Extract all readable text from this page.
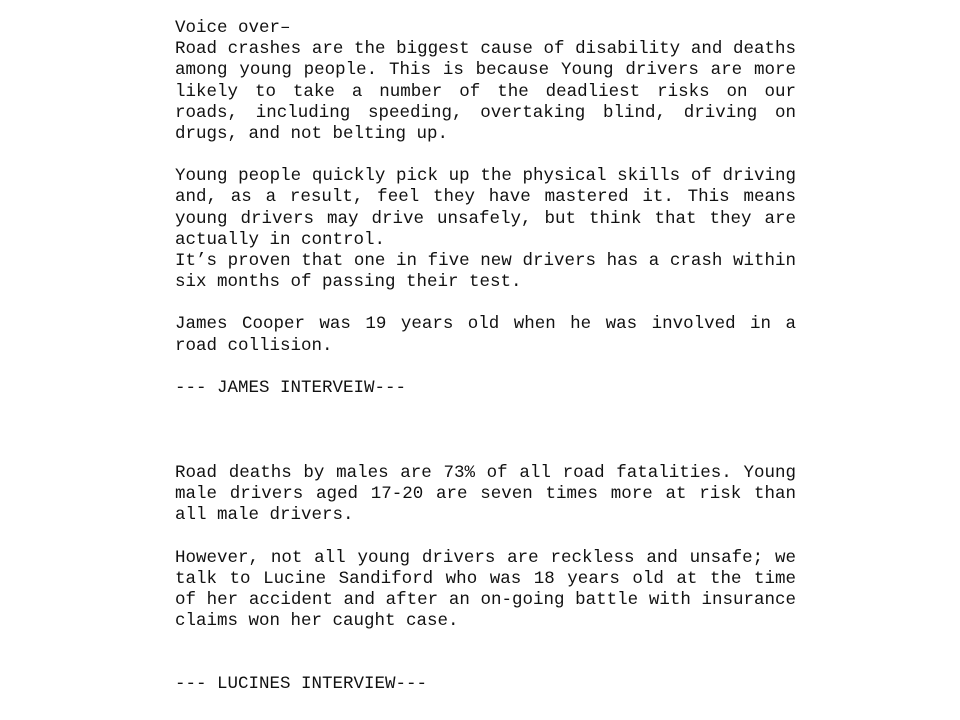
Voice over–

Road crashes are the biggest cause of disability and deaths among young people. This is because Young drivers are more likely to take a number of the deadliest risks on our roads, including speeding, overtaking blind, driving on drugs, and not belting up.

Young people quickly pick up the physical skills of driving and, as a result, feel they have mastered it. This means young drivers may drive unsafely, but think that they are actually in control.

It’s proven that one in five new drivers has a crash within six months of passing their test.

James Cooper was 19 years old when he was involved in a road collision.

--- JAMES INTERVEIW---

Road deaths by males are 73% of all road fatalities. Young male drivers aged 17-20 are seven times more at risk than all male drivers.

However, not all young drivers are reckless and unsafe; we talk to Lucine Sandiford who was 18 years old at the time of her accident and after an on-going battle with insurance claims won her caught case.

--- LUCINES INTERVIEW---
